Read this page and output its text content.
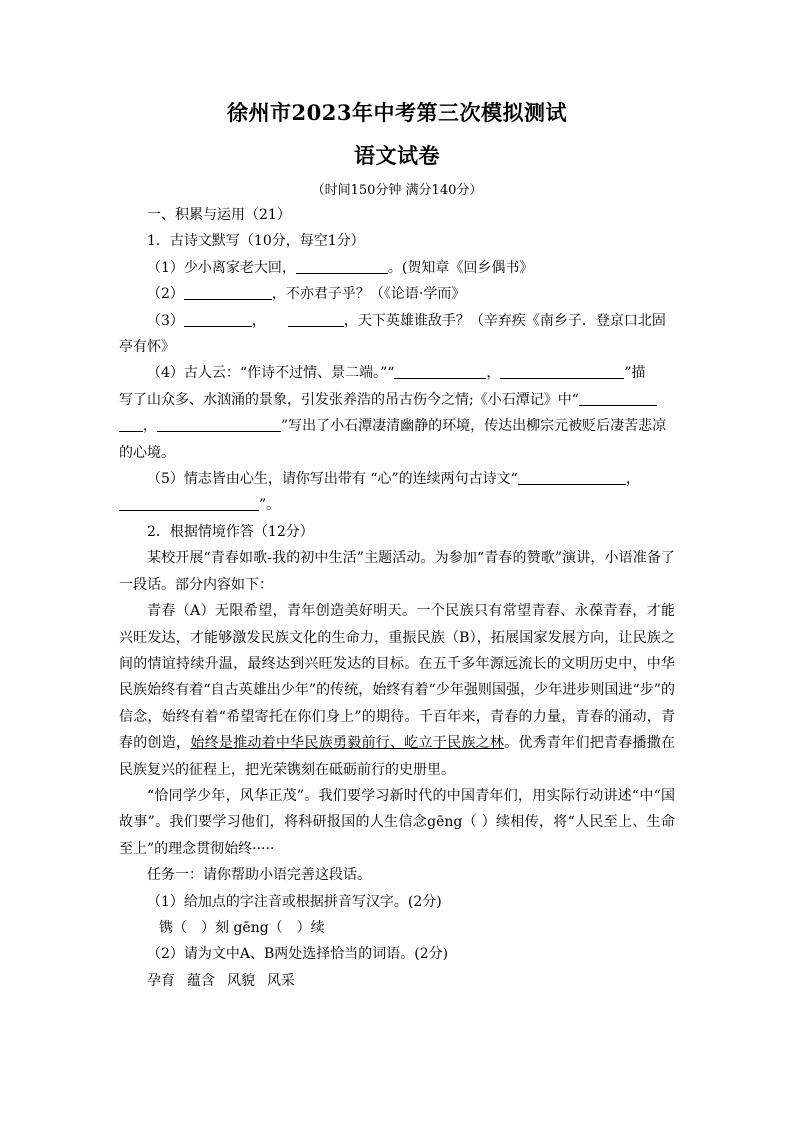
徐州市2023年中考第三次模拟测试
语文试卷
（时间150分钟 满分140分）

一、积累与运用（21）

1．古诗文默写（10分，每空1分）

（1）少小离家老大回，	。(贺知章《回乡偶书》

（2）	，不亦君子乎？（《论语·学而》

（3）	，	，天下英雄谁敌手？（辛弃疾《南乡子．登京口北固

亭有怀》

（4）古人云：“作诗不过情、景二端。”“	，	”描

写了山众多、水汹涌的景象，引发张养浩的吊古伤今之情;《小石潭记》中“

，	”写出了小石潭凄清幽静的环境，传达出柳宗元被贬后凄苦悲凉

的心境。

（5）情志皆由心生，请你写出带有 “心”的连续两句古诗文“	，

”。

2．根据情境作答（12分）

某校开展“青春如歌-我的初中生活”主题活动。为参加“青春的赞歌”演讲，小语准备了一段话。部分内容如下：

青春（A）无限希望，青年创造美好明天。一个民族只有常望青春、永葆青春，才能兴旺发达，才能够激发民族文化的生命力，重振民族（B），拓展国家发展方向，让民族之间的情谊持续升温，最终达到兴旺发达的目标。在五千多年源远流长的文明历史中，中华民族始终有着“自古英雄出少年”的传统，始终有着“少年强则国强，少年进步则国进“步”的信念，始终有着“希望寄托在你们身上”的期待。千百年来，青春的力量，青春的涌动，青春的创造，始终是推动着中华民族勇毅前行、屹立于民族之林。优秀青年们把青春播撒在民族复兴的征程上，把光荣镌刻在砥砺前行的史册里。

“恰同学少年，风华正茂”。我们要学习新时代的中国青年们，用实际行动讲述“中“国故事”。我们要学习他们，将科研报国的人生信念gēng（ ）续相传，将“人民至上、生命至上”的理念贯彻始终·····

任务一：请你帮助小语完善这段话。

（1）给加点的字注音或根据拼音写汉字。(2分)

镌（　）刻 gēng（　）续

（2）请为文中A、B两处选择恰当的词语。(2分)

孕育 蕴含 风貌 风采
